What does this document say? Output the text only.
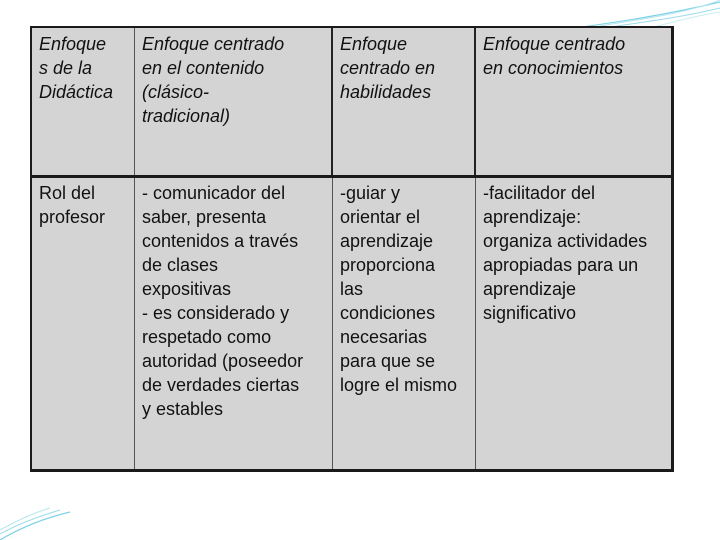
Enfoque
s de la
Didáctica
Enfoque centrado
en el contenido
(clásico-
tradicional)
Enfoque
centrado en
habilidades
Enfoque centrado
en conocimientos
Rol del
profesor
- comunicador del
saber, presenta
contenidos a través
de clases
expositivas
- es considerado y
respetado como
autoridad (poseedor
de verdades ciertas
y estables
-guiar y
orientar el
aprendizaje
proporciona
las
condiciones
necesarias
para que se
logre el mismo
-facilitador del
aprendizaje:
organiza actividades
apropiadas para un
aprendizaje
significativo
